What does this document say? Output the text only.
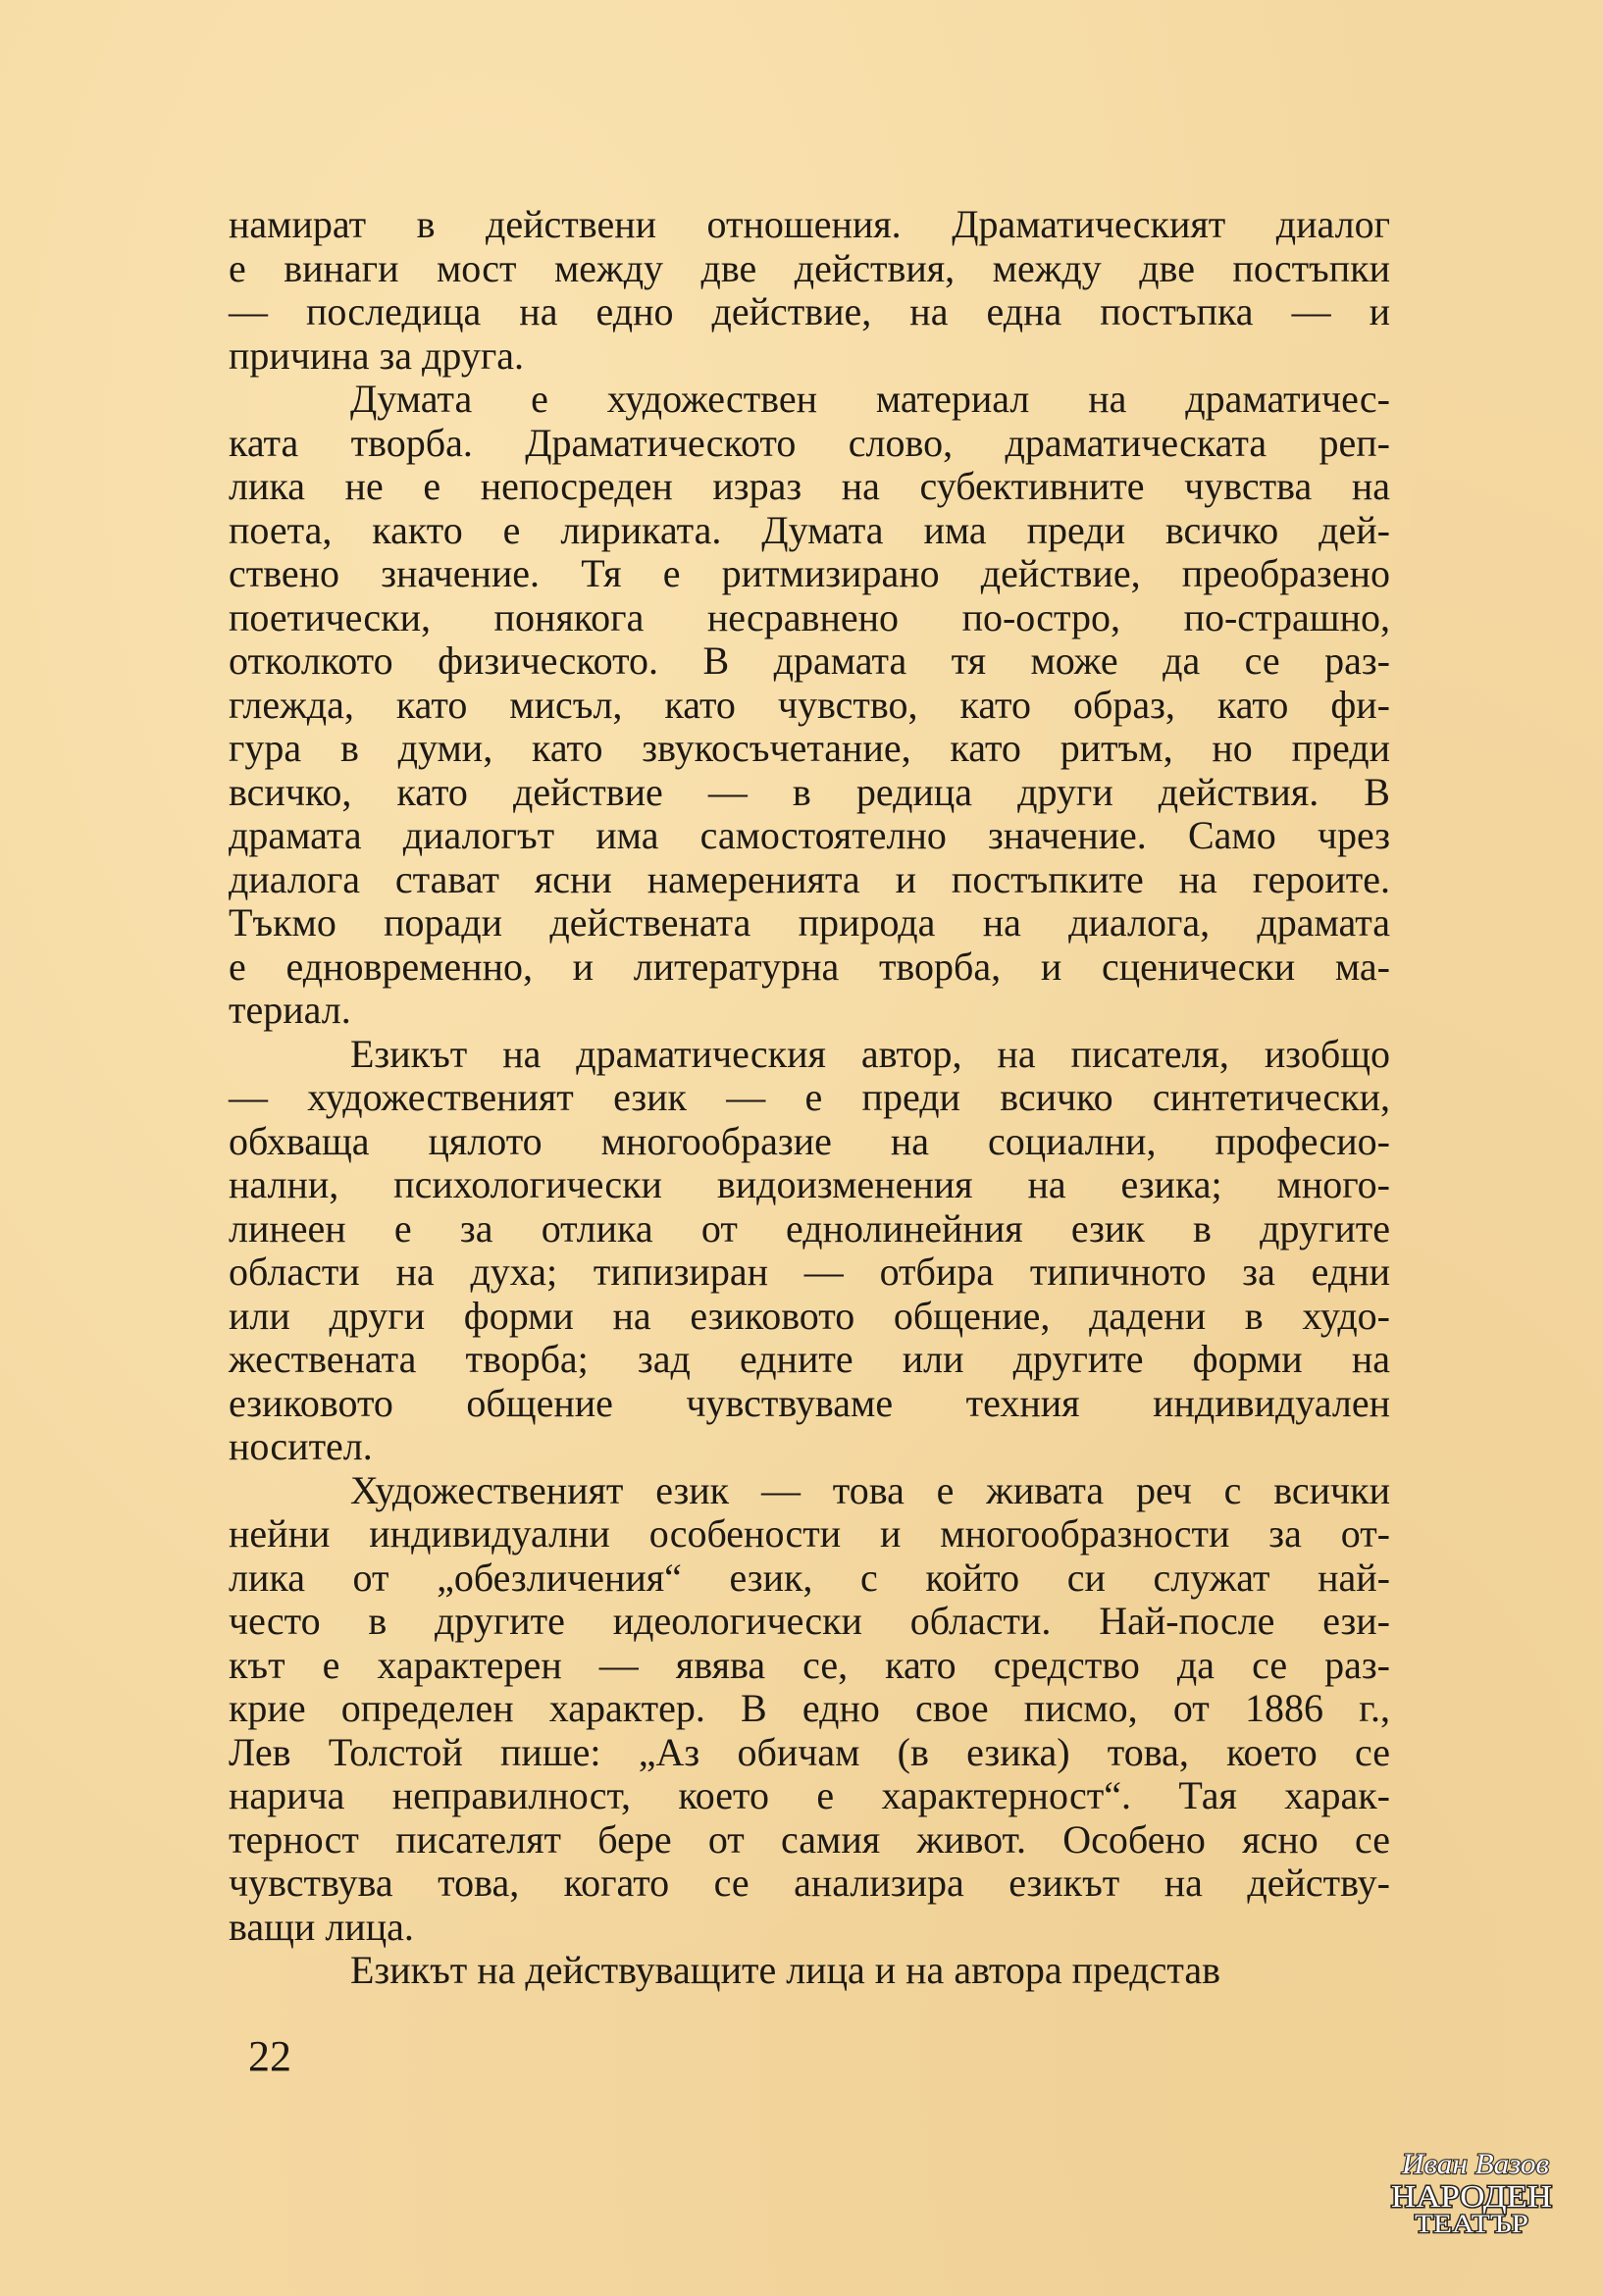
намират в действени отношения. Драматическият диалог
е винаги мост между две действия, между две постъпки
— последица на едно действие, на една постъпка — и
причина за друга.
Думата е художествен материал на драматичес-
ката творба. Драматическото слово, драматическата реп-
лика не е непосреден израз на субективните чувства на
поета, както е лириката. Думата има преди всичко дей-
ствено значение. Тя е ритмизирано действие, преобразено
поетически, понякога несравнено по-остро, по-страшно,
отколкото физическото. В драмата тя може да се раз-
глежда, като мисъл, като чувство, като образ, като фи-
гура в думи, като звукосъчетание, като ритъм, но преди
всичко, като действие — в редица други действия. В
драмата диалогът има самостоятелно значение. Само чрез
диалога стават ясни намеренията и постъпките на героите.
Тъкмо поради действената природа на диалога, драмата
е едновременно, и литературна творба, и сценически ма-
териал.
Езикът на драматическия автор, на писателя, изобщо
— художественият език — е преди всичко синтетически,
обхваща цялото многообразие на социални, професио-
нални, психологически видоизменения на езика; много-
линеен е за отлика от еднолинейния език в другите
области на духа; типизиран — отбира типичното за едни
или други форми на езиковото общение, дадени в худо-
жествената творба; зад едните или другите форми на
езиковото общение чувствуваме техния индивидуален
носител.
Художественият език — това е живата реч с всички
нейни индивидуални особености и многообразности за от-
лика от „обезличения“ език, с който си служат най-
често в другите идеологически области. Най-после ези-
кът е характерен — явява се, като средство да се раз-
крие определен характер. В едно свое писмо, от 1886 г.,
Лев Толстой пише: „Аз обичам (в езика) това, което се
нарича неправилност, което е характерност“. Тая харак-
терност писателят бере от самия живот. Особено ясно се
чувствува това, когато се анализира езикът на действу-
ващи лица.
Езикът на действуващите лица и на автора представ
22
Иван Вазов
НАРОДЕН
ТЕАТЪР
